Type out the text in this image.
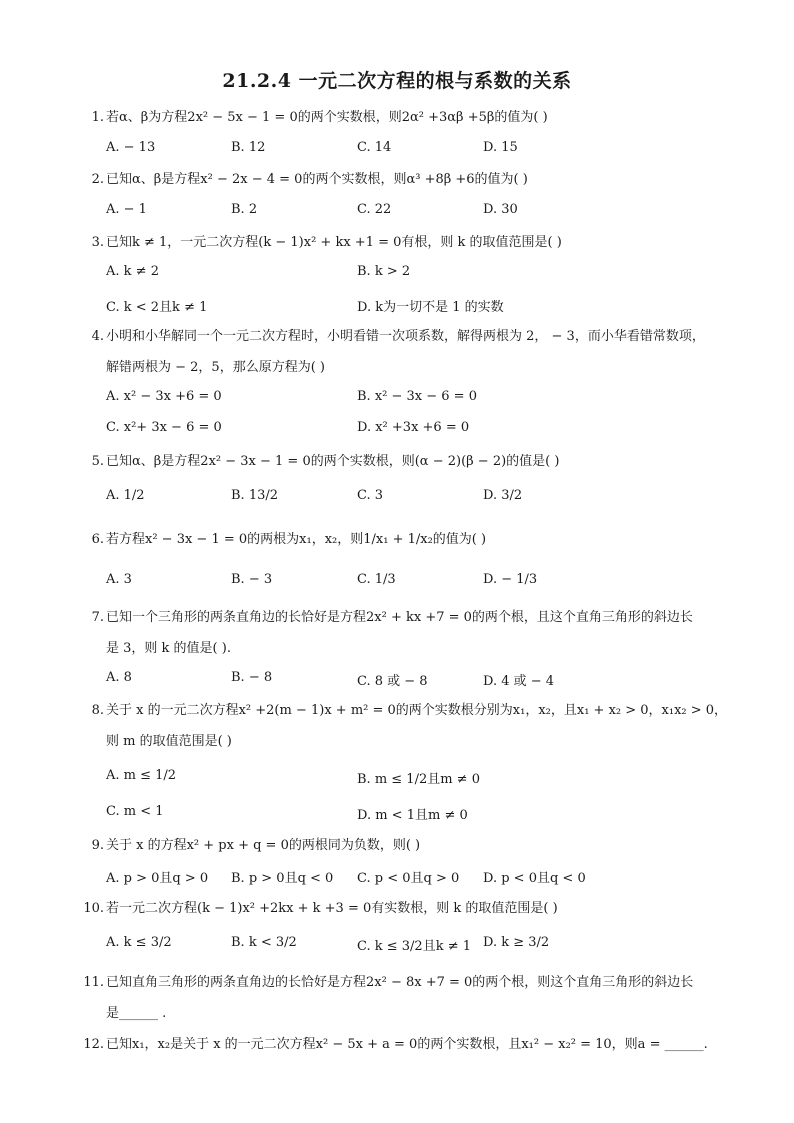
21.2.4 一元二次方程的根与系数的关系
1. 若α、β为方程2x² − 5x − 1 = 0的两个实数根，则2α² +3αβ +5β的值为( )
A. − 13	B. 12	C. 14	D. 15
2. 已知α、β是方程x² − 2x − 4 = 0的两个实数根，则α³ +8β +6的值为( )
A. − 1	B. 2	C. 22	D. 30
3. 已知k ≠ 1，一元二次方程(k − 1)x² + kx +1 = 0有根，则 k 的取值范围是( )
A. k ≠ 2	B. k > 2
C. k < 2且k ≠ 1	D. k为一切不是 1 的实数
4. 小明和小华解同一个一元二次方程时，小明看错一次项系数，解得两根为 2， − 3，而小华看错常数项，
解错两根为 − 2，5，那么原方程为( )
A. x² − 3x +6 = 0	B. x² − 3x − 6 = 0
C. x²+ 3x − 6 = 0	D. x² +3x +6 = 0
5. 已知α、β是方程2x² − 3x − 1 = 0的两个实数根，则(α − 2)(β − 2)的值是( )
A. 1/2	B. 13/2	C. 3	D. 3/2
6. 若方程x² − 3x − 1 = 0的两根为x₁，x₂，则1/x₁ + 1/x₂的值为( )
A. 3	B. − 3	C. 1/3	D. − 1/3
7. 已知一个三角形的两条直角边的长恰好是方程2x² + kx +7 = 0的两个根，且这个直角三角形的斜边长
是 3，则 k 的值是( ).
A. 8	B. − 8	C. 8 或 − 8	D. 4 或 − 4
8. 关于 x 的一元二次方程x² +2(m − 1)x + m² = 0的两个实数根分别为x₁，x₂，且x₁ + x₂ > 0，x₁x₂ > 0，
则 m 的取值范围是( )
A. m ≤ 1/2	B. m ≤ 1/2且m ≠ 0
C. m < 1	D. m < 1且m ≠ 0
9. 关于 x 的方程x² + px + q = 0的两根同为负数，则( )
A. p > 0且q > 0 B. p > 0且q < 0 C. p < 0且q > 0 D. p < 0且q < 0
10. 若一元二次方程(k − 1)x² +2kx + k +3 = 0有实数根，则 k 的取值范围是( )
A. k ≤ 3/2	B. k < 3/2	C. k ≤ 3/2且k ≠ 1 D. k ≥ 3/2
11. 已知直角三角形的两条直角边的长恰好是方程2x² − 8x +7 = 0的两个根，则这个直角三角形的斜边长
是______ .
12. 已知x₁，x₂是关于 x 的一元二次方程x² − 5x + a = 0的两个实数根，且x₁² − x₂² = 10，则a = ______.
